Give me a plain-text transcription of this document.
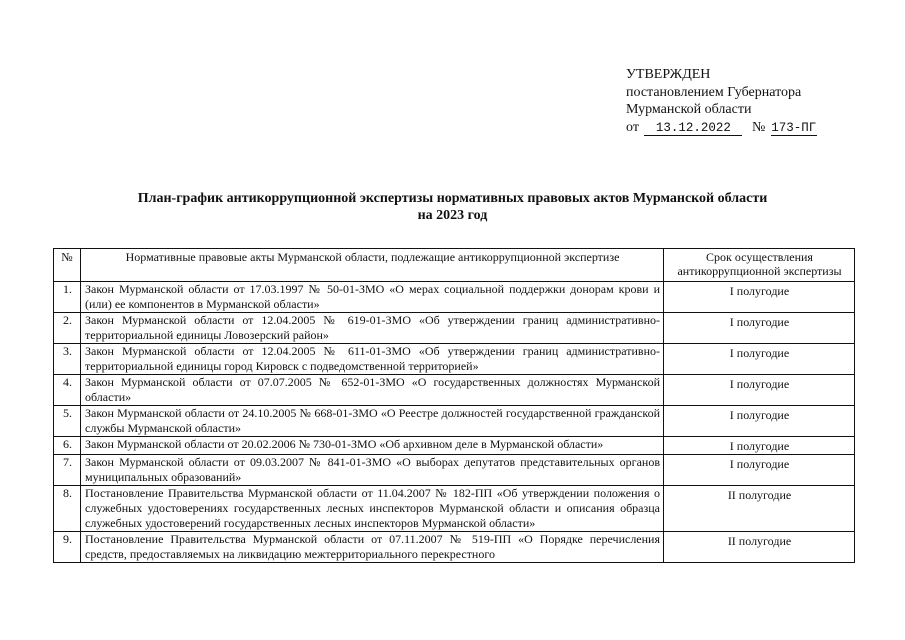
УТВЕРЖДЕН
постановлением Губернатора
Мурманской области
от 13.12.2022 № 173-ПГ
План-график антикоррупционной экспертизы нормативных правовых актов Мурманской области
на 2023 год
№	Нормативные правовые акты Мурманской области, подлежащие антикоррупционной экспертизе	Срок осуществления антикоррупционной экспертизы
1.	Закон Мурманской области от 17.03.1997 № 50-01-ЗМО «О мерах социальной поддержки донорам крови и (или) ее компонентов в Мурманской области»	I полугодие
2.	Закон Мурманской области от 12.04.2005 № 619-01-ЗМО «Об утверждении границ административно-территориальной единицы Ловозерский район»	I полугодие
3.	Закон Мурманской области от 12.04.2005 № 611-01-ЗМО «Об утверждении границ административно-территориальной единицы город Кировск с подведомственной территорией»	I полугодие
4.	Закон Мурманской области от 07.07.2005 № 652-01-ЗМО «О государственных должностях Мурманской области»	I полугодие
5.	Закон Мурманской области от 24.10.2005 № 668-01-ЗМО «О Реестре должностей государственной гражданской службы Мурманской области»	I полугодие
6.	Закон Мурманской области от 20.02.2006 № 730-01-ЗМО «Об архивном деле в Мурманской области»	I полугодие
7.	Закон Мурманской области от 09.03.2007 № 841-01-ЗМО «О выборах депутатов представительных органов муниципальных образований»	I полугодие
8.	Постановление Правительства Мурманской области от 11.04.2007 № 182-ПП «Об утверждении положения о служебных удостоверениях государственных лесных инспекторов Мурманской области и описания образца служебных удостоверений государственных лесных инспекторов Мурманской области»	II полугодие
9.	Постановление Правительства Мурманской области от 07.11.2007 № 519-ПП «О Порядке перечисления средств, предоставляемых на ликвидацию межтерриториального перекрестного	II полугодие
